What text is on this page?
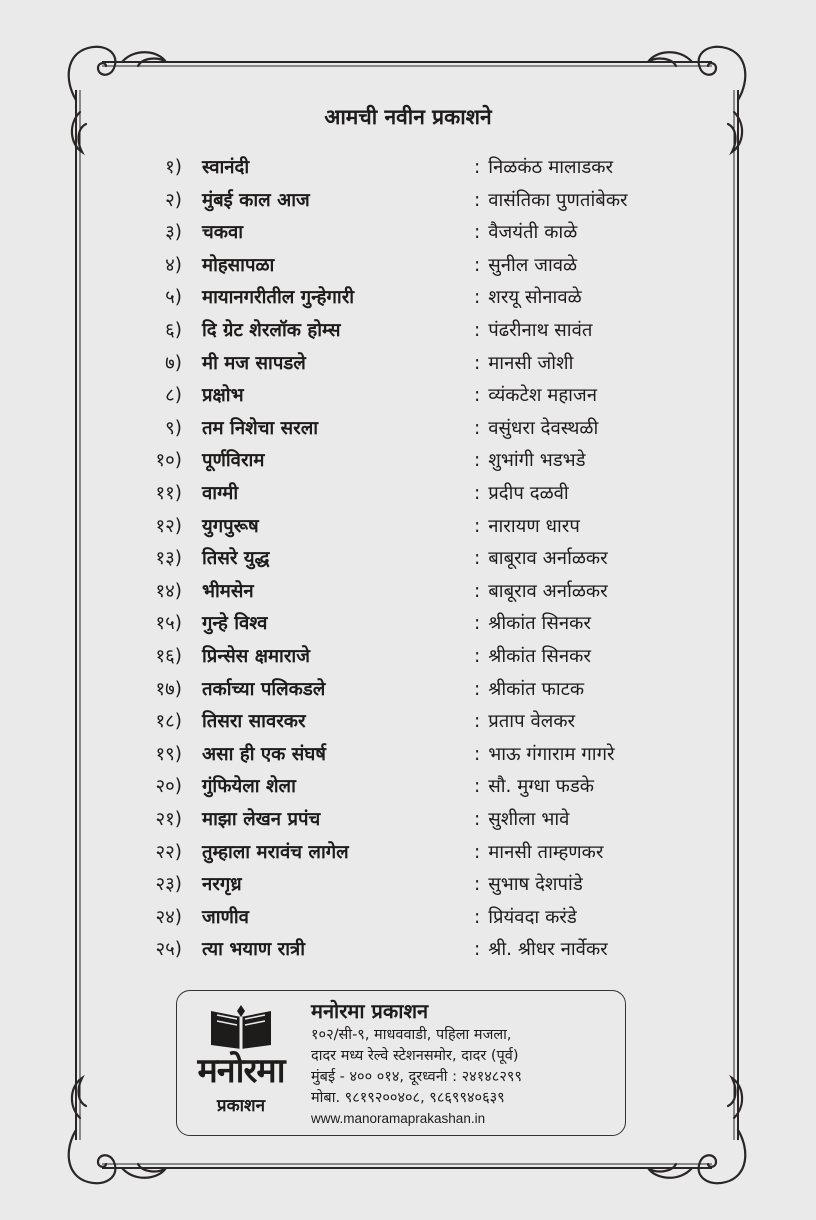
आमची नवीन प्रकाशने
१) स्वानंदी	: निळकंठ मालाडकर
२) मुंबई काल आज	: वासंतिका पुणतांबेकर
३) चकवा	: वैजयंती काळे
४) मोहसापळा	: सुनील जावळे
५) मायानगरीतील गुन्हेगारी	: शरयू सोनावळे
६) दि ग्रेट शेरलॉक होम्स	: पंढरीनाथ सावंत
७) मी मज सापडले	: मानसी जोशी
८) प्रक्षोभ	: व्यंकटेश महाजन
९) तम निशेचा सरला	: वसुंधरा देवस्थळी
१०) पूर्णविराम	: शुभांगी भडभडे
११) वाग्मी	: प्रदीप दळवी
१२) युगपुरूष	: नारायण धारप
१३) तिसरे युद्ध	: बाबूराव अर्नाळकर
१४) भीमसेन	: बाबूराव अर्नाळकर
१५) गुन्हे विश्व	: श्रीकांत सिनकर
१६) प्रिन्सेस क्षमाराजे	: श्रीकांत सिनकर
१७) तर्काच्या पलिकडले	: श्रीकांत फाटक
१८) तिसरा सावरकर	: प्रताप वेलकर
१९) असा ही एक संघर्ष	: भाऊ गंगाराम गागरे
२०) गुंफियेला शेला	: सौ. मुग्धा फडके
२१) माझा लेखन प्रपंच	: सुशीला भावे
२२) तुम्हाला मरावंच लागेल	: मानसी ताम्हणकर
२३) नरगृध्र	: सुभाष देशपांडे
२४) जाणीव	: प्रियंवदा करंडे
२५) त्या भयाण रात्री	: श्री. श्रीधर नार्वेकर
मनोरमा
प्रकाशन
मनोरमा प्रकाशन
१०२/सी-९, माधववाडी, पहिला मजला,
दादर मध्य रेल्वे स्टेशनसमोर, दादर (पूर्व)
मुंबई - ४०० ०१४, दूरध्वनी : २४१४८२९९
मोबा. ९८१९२००४०८, ९८६९९४०६३९
www.manoramaprakashan.in
